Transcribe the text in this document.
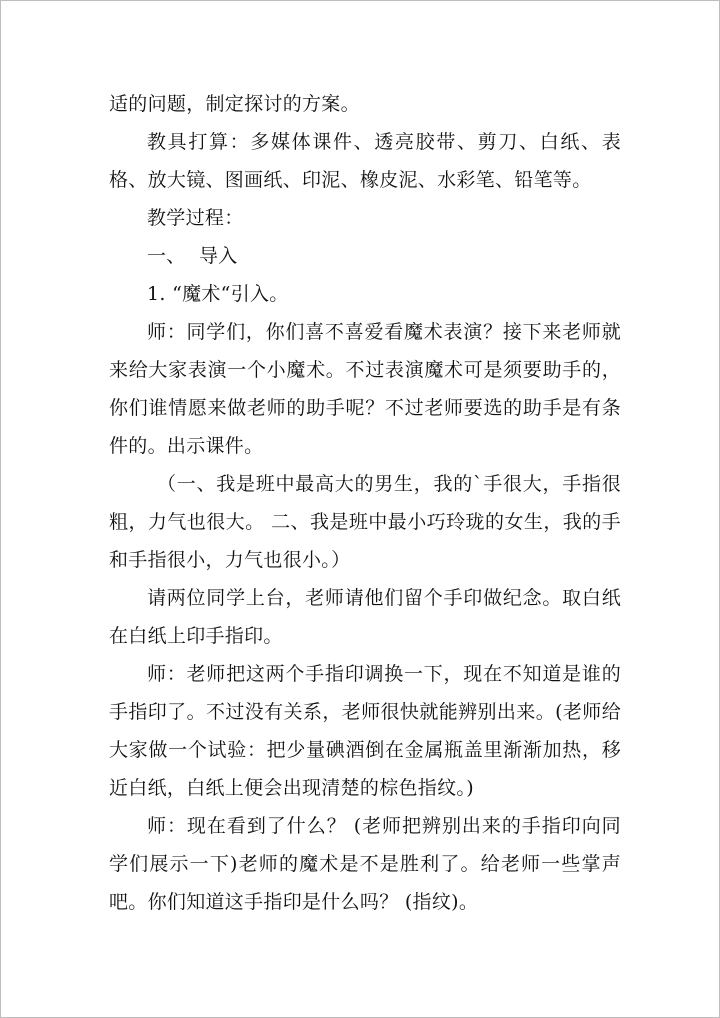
适的问题，制定探讨的方案。

教具打算：多媒体课件、透亮胶带、剪刀、白纸、表格、放大镜、图画纸、印泥、橡皮泥、水彩笔、铅笔等。

教学过程：

一、 导入

1. “魔术“引入。

师：同学们，你们喜不喜爱看魔术表演？接下来老师就来给大家表演一个小魔术。不过表演魔术可是须要助手的，你们谁情愿来做老师的助手呢？不过老师要选的助手是有条件的。出示课件。

（一、我是班中最高大的男生，我的`手很大，手指很粗，力气也很大。 二、我是班中最小巧玲珑的女生，我的手和手指很小，力气也很小。）

请两位同学上台，老师请他们留个手印做纪念。取白纸在白纸上印手指印。

师：老师把这两个手指印调换一下，现在不知道是谁的手指印了。不过没有关系，老师很快就能辨别出来。(老师给大家做一个试验：把少量碘酒倒在金属瓶盖里渐渐加热，移近白纸，白纸上便会出现清楚的棕色指纹。)

师：现在看到了什么？ (老师把辨别出来的手指印向同学们展示一下)老师的魔术是不是胜利了。给老师一些掌声吧。你们知道这手指印是什么吗？ (指纹)。
